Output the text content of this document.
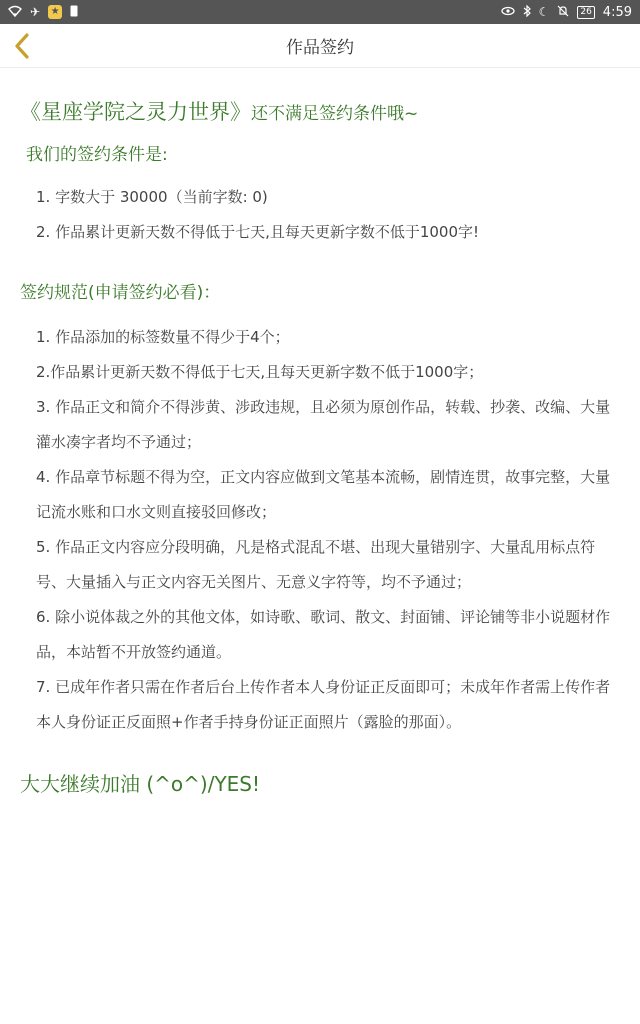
✈ ★	☾	26 4:59
作品签约
《星座学院之灵力世界》还不满足签约条件哦~
我们的签约条件是:
1. 字数大于 30000（当前字数: 0)
2. 作品累计更新天数不得低于七天,且每天更新字数不低于1000字!
签约规范(申请签约必看)：
1. 作品添加的标签数量不得少于4个；
2.作品累计更新天数不得低于七天,且每天更新字数不低于1000字；
3. 作品正文和简介不得涉黄、涉政违规，且必须为原创作品，转载、抄袭、改编、大量灌水凑字者均不予通过；
4. 作品章节标题不得为空，正文内容应做到文笔基本流畅，剧情连贯，故事完整，大量记流水账和口水文则直接驳回修改；
5. 作品正文内容应分段明确，凡是格式混乱不堪、出现大量错别字、大量乱用标点符号、大量插入与正文内容无关图片、无意义字符等，均不予通过；
6. 除小说体裁之外的其他文体，如诗歌、歌词、散文、封面铺、评论铺等非小说题材作品，本站暂不开放签约通道。
7. 已成年作者只需在作者后台上传作者本人身份证正反面即可；未成年作者需上传作者本人身份证正反面照+作者手持身份证正面照片（露脸的那面）。
大大继续加油 (^o^)/YES!
